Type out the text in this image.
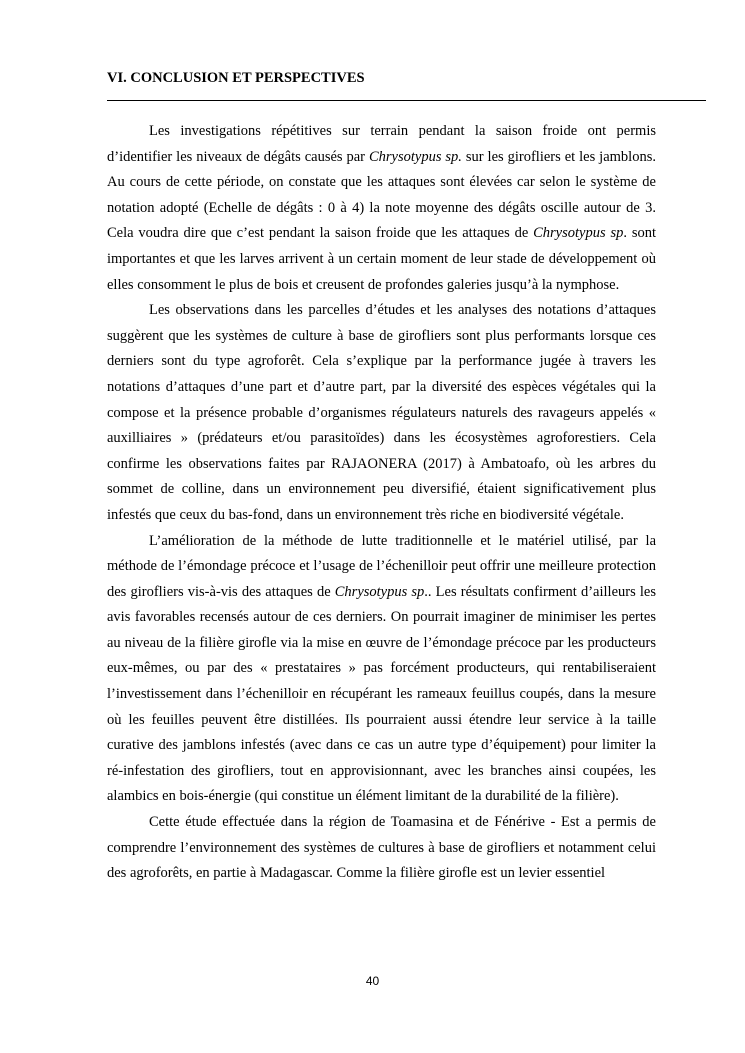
VI. CONCLUSION ET PERSPECTIVES

Les investigations répétitives sur terrain pendant la saison froide ont permis d’identifier les niveaux de dégâts causés par Chrysotypus sp. sur les girofliers et les jamblons. Au cours de cette période, on constate que les attaques sont élevées car selon le système de notation adopté (Echelle de dégâts : 0 à 4) la note moyenne des dégâts oscille autour de 3. Cela voudra dire que c’est pendant la saison froide que les attaques de Chrysotypus sp. sont importantes et que les larves arrivent à un certain moment de leur stade de développement où elles consomment le plus de bois et creusent de profondes galeries jusqu’à la nymphose.

Les observations dans les parcelles d’études et les analyses des notations d’attaques suggèrent que les systèmes de culture à base de girofliers sont plus performants lorsque ces derniers sont du type agroforêt. Cela s’explique par la performance jugée à travers les notations d’attaques d’une part et d’autre part, par la diversité des espèces végétales qui la compose et la présence probable d’organismes régulateurs naturels des ravageurs appelés « auxilliaires » (prédateurs et/ou parasitoïdes) dans les écosystèmes agroforestiers. Cela confirme les observations faites par RAJAONERA (2017) à Ambatoafo, où les arbres du sommet de colline, dans un environnement peu diversifié, étaient significativement plus infestés que ceux du bas-fond, dans un environnement très riche en biodiversité végétale.

L’amélioration de la méthode de lutte traditionnelle et le matériel utilisé, par la méthode de l’émondage précoce et l’usage de l’échenilloir peut offrir une meilleure protection des girofliers vis-à-vis des attaques de Chrysotypus sp.. Les résultats confirment d’ailleurs les avis favorables recensés autour de ces derniers. On pourrait imaginer de minimiser les pertes au niveau de la filière girofle via la mise en œuvre de l’émondage précoce par les producteurs eux-mêmes, ou par des « prestataires » pas forcément producteurs, qui rentabiliseraient l’investissement dans l’échenilloir en récupérant les rameaux feuillus coupés, dans la mesure où les feuilles peuvent être distillées. Ils pourraient aussi étendre leur service à la taille curative des jamblons infestés (avec dans ce cas un autre type d’équipement) pour limiter la ré-infestation des girofliers, tout en approvisionnant, avec les branches ainsi coupées, les alambics en bois-énergie (qui constitue un élément limitant de la durabilité de la filière).

Cette étude effectuée dans la région de Toamasina et de Fénérive - Est a permis de comprendre l’environnement des systèmes de cultures à base de girofliers et notamment celui des agroforêts, en partie à Madagascar. Comme la filière girofle est un levier essentiel

40
